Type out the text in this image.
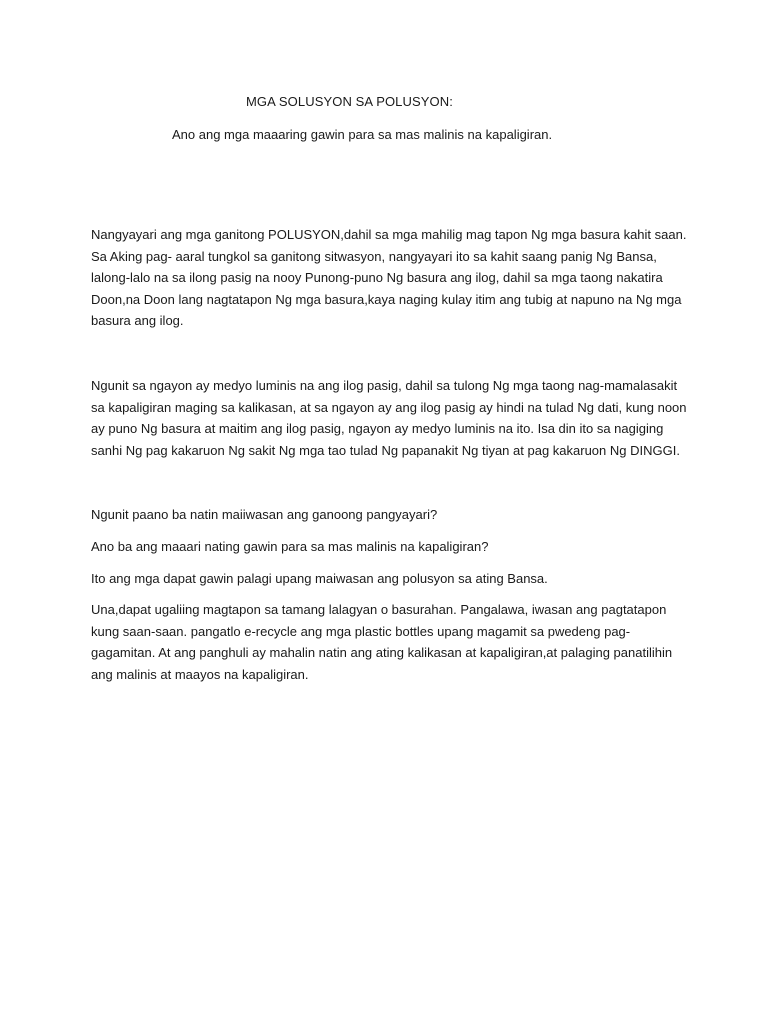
MGA SOLUSYON SA POLUSYON:
Ano ang mga maaaring gawin para sa mas malinis na kapaligiran.

Nangyayari ang mga ganitong POLUSYON,dahil sa mga mahilig mag tapon Ng mga basura kahit saan. Sa Aking pag- aaral tungkol sa ganitong sitwasyon, nangyayari ito sa kahit saang panig Ng Bansa, lalong-lalo na sa ilong pasig na nooy Punong-puno Ng basura ang ilog, dahil sa mga taong nakatira Doon,na Doon lang nagtatapon Ng mga basura,kaya naging kulay itim ang tubig at napuno na Ng mga basura ang ilog.

Ngunit sa ngayon ay medyo luminis na ang ilog pasig, dahil sa tulong Ng mga taong nag-mamalasakit sa kapaligiran maging sa kalikasan, at sa ngayon ay ang ilog pasig ay hindi na tulad Ng dati, kung noon ay puno Ng basura at maitim ang ilog pasig, ngayon ay medyo luminis na ito. Isa din ito sa nagiging sanhi Ng pag kakaruon Ng sakit Ng mga tao tulad Ng papanakit Ng tiyan at pag kakaruon Ng DINGGI.

Ngunit paano ba natin maiiwasan ang ganoong pangyayari?

Ano ba ang maaari nating gawin para sa mas malinis na kapaligiran?

Ito ang mga dapat gawin palagi upang maiwasan ang polusyon sa ating Bansa.

Una,dapat ugaliing magtapon sa tamang lalagyan o basurahan. Pangalawa, iwasan ang pagtatapon kung saan-saan. pangatlo e-recycle ang mga plastic bottles upang magamit sa pwedeng pag-gagamitan. At ang panghuli ay mahalin natin ang ating kalikasan at kapaligiran,at palaging panatilihin ang malinis at maayos na kapaligiran.
